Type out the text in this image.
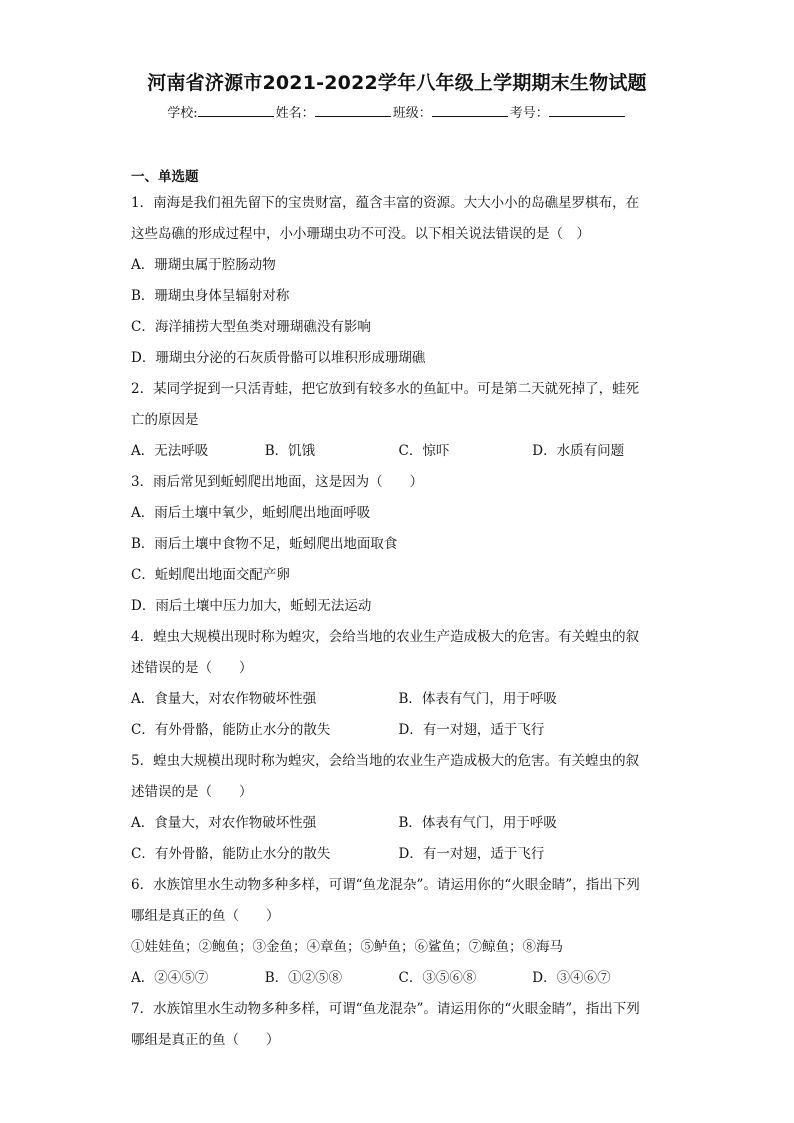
河南省济源市2021-2022学年八年级上学期期末生物试题
学校:	姓名：	班级：	考号：
一、单选题
1．南海是我们祖先留下的宝贵财富，蕴含丰富的资源。大大小小的岛礁星罗棋布，在
这些岛礁的形成过程中，小小珊瑚虫功不可没。以下相关说法错误的是（　）
A．珊瑚虫属于腔肠动物
B．珊瑚虫身体呈辐射对称
C．海洋捕捞大型鱼类对珊瑚礁没有影响
D．珊瑚虫分泌的石灰质骨骼可以堆积形成珊瑚礁
2．某同学捉到一只活青蛙，把它放到有较多水的鱼缸中。可是第二天就死掉了，蛙死
亡的原因是
A．无法呼吸	B．饥饿	C．惊吓	D．水质有问题
3．雨后常见到蚯蚓爬出地面，这是因为（　　）
A．雨后土壤中氧少，蚯蚓爬出地面呼吸
B．雨后土壤中食物不足，蚯蚓爬出地面取食
C．蚯蚓爬出地面交配产卵
D．雨后土壤中压力加大，蚯蚓无法运动
4．蝗虫大规模出现时称为蝗灾，会给当地的农业生产造成极大的危害。有关蝗虫的叙
述错误的是（　　）
A．食量大，对农作物破坏性强	B．体表有气门，用于呼吸
C．有外骨骼，能防止水分的散失	D．有一对翅，适于飞行
5．蝗虫大规模出现时称为蝗灾，会给当地的农业生产造成极大的危害。有关蝗虫的叙
述错误的是（　　）
A．食量大，对农作物破坏性强	B．体表有气门，用于呼吸
C．有外骨骼，能防止水分的散失	D．有一对翅，适于飞行
6．水族馆里水生动物多种多样，可谓“鱼龙混杂”。请运用你的“火眼金睛”，指出下列
哪组是真正的鱼（　　）
①娃娃鱼；②鲍鱼；③金鱼；④章鱼；⑤鲈鱼；⑥鲨鱼；⑦鲸鱼；⑧海马
A．②④⑤⑦	B．①②⑤⑧	C．③⑤⑥⑧	D．③④⑥⑦
7．水族馆里水生动物多种多样，可谓“鱼龙混杂”。请运用你的“火眼金睛”，指出下列
哪组是真正的鱼（　　）
